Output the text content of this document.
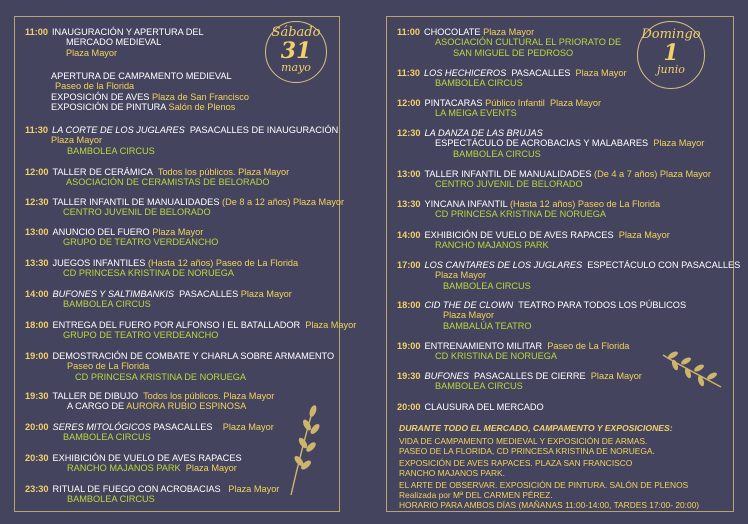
Sábado
31
mayo
11:00 INAUGURACIÓN Y APERTURA DEL
MERCADO MEDIEVAL
Plaza Mayor
APERTURA DE CAMPAMENTO MEDIEVAL
Paseo de la Florida
EXPOSICIÓN DE AVES Plaza de San Francisco
EXPOSICIÓN DE PINTURA Salón de Plenos
11:30 LA CORTE DE LOS JUGLARES PASACALLES DE INAUGURACIÓN
Plaza Mayor
BAMBOLEA CIRCUS
12:00 TALLER DE CERÁMICA Todos los públicos. Plaza Mayor
ASOCIACIÓN DE CERAMISTAS DE BELORADO
12:30 TALLER INFANTIL DE MANUALIDADES (De 8 a 12 años) Plaza Mayor
CENTRO JUVENIL DE BELORADO
13:00 ANUNCIO DEL FUERO Plaza Mayor
GRUPO DE TEATRO VERDEANCHO
13:30 JUEGOS INFANTILES (Hasta 12 años) Paseo de La Florida
CD PRINCESA KRISTINA DE NORUEGA
14:00 BUFONES Y SALTIMBANKIS PASACALLES Plaza Mayor
BAMBOLEA CIRCUS
18:00 ENTREGA DEL FUERO POR ALFONSO I EL BATALLADOR Plaza Mayor
GRUPO DE TEATRO VERDEANCHO
19:00 DEMOSTRACIÓN DE COMBATE Y CHARLA SOBRE ARMAMENTO
Paseo de La Florida
CD PRINCESA KRISTINA DE NORUEGA
19:30 TALLER DE DIBUJO Todos los públicos. Plaza Mayor
A CARGO DE AURORA RUBIO ESPINOSA
20:00 SERES MITOLÓGICOS PASACALLES Plaza Mayor
BAMBOLEA CIRCUS
20:30 EXHIBICIÓN DE VUELO DE AVES RAPACES
RANCHO MAJANOS PARK Plaza Mayor
23:30 RITUAL DE FUEGO CON ACROBACIAS Plaza Mayor
BAMBOLEA CIRCUS
Domingo
1
junio
11:00 CHOCOLATE Plaza Mayor
ASOCIACIÓN CULTURAL EL PRIORATO DE
SAN MIGUEL DE PEDROSO
11:30 LOS HECHICEROS PASACALLES Plaza Mayor
BAMBOLEA CIRCUS
12:00 PINTACARAS Público Infantil Plaza Mayor
LA MEIGA EVENTS
12:30 LA DANZA DE LAS BRUJAS
ESPECTÁCULO DE ACROBACIAS Y MALABARES Plaza Mayor
BAMBOLEA CIRCUS
13:00 TALLER INFANTIL DE MANUALIDADES (De 4 a 7 años) Plaza Mayor
CENTRO JUVENIL DE BELORADO
13:30 YINCANA INFANTIL (Hasta 12 años) Paseo de La Florida
CD PRINCESA KRISTINA DE NORUEGA
14:00 EXHIBICIÓN DE VUELO DE AVES RAPACES Plaza Mayor
RANCHO MAJANOS PARK
17:00 LOS CANTARES DE LOS JUGLARES ESPECTÁCULO CON PASACALLES
Plaza Mayor
BAMBOLEA CIRCUS
18:00 CID THE DE CLOWN TEATRO PARA TODOS LOS PÚBLICOS
Plaza Mayor
BAMBALÚA TEATRO
19:00 ENTRENAMIENTO MILITAR Paseo de La Florida
CD KRISTINA DE NORUEGA
19:30 BUFONES PASACALLES DE CIERRE Plaza Mayor
BAMBOLEA CIRCUS
20:00 CLAUSURA DEL MERCADO
DURANTE TODO EL MERCADO, CAMPAMENTO Y EXPOSICIONES:
VIDA DE CAMPAMENTO MEDIEVAL Y EXPOSICIÓN DE ARMAS.
PASEO DE LA FLORIDA, CD PRINCESA KRISTINA DE NORUEGA.
EXPOSICIÓN DE AVES RAPACES. PLAZA SAN FRANCISCO
RANCHO MAJANOS PARK.
EL ARTE DE OBSERVAR. EXPOSICIÓN DE PINTURA. SALÓN DE PLENOS
Realizada por Mª DEL CARMEN PÉREZ.
HORARIO PARA AMBOS DÍAS (MAÑANAS 11:00-14:00, TARDES 17:00- 20:00)
